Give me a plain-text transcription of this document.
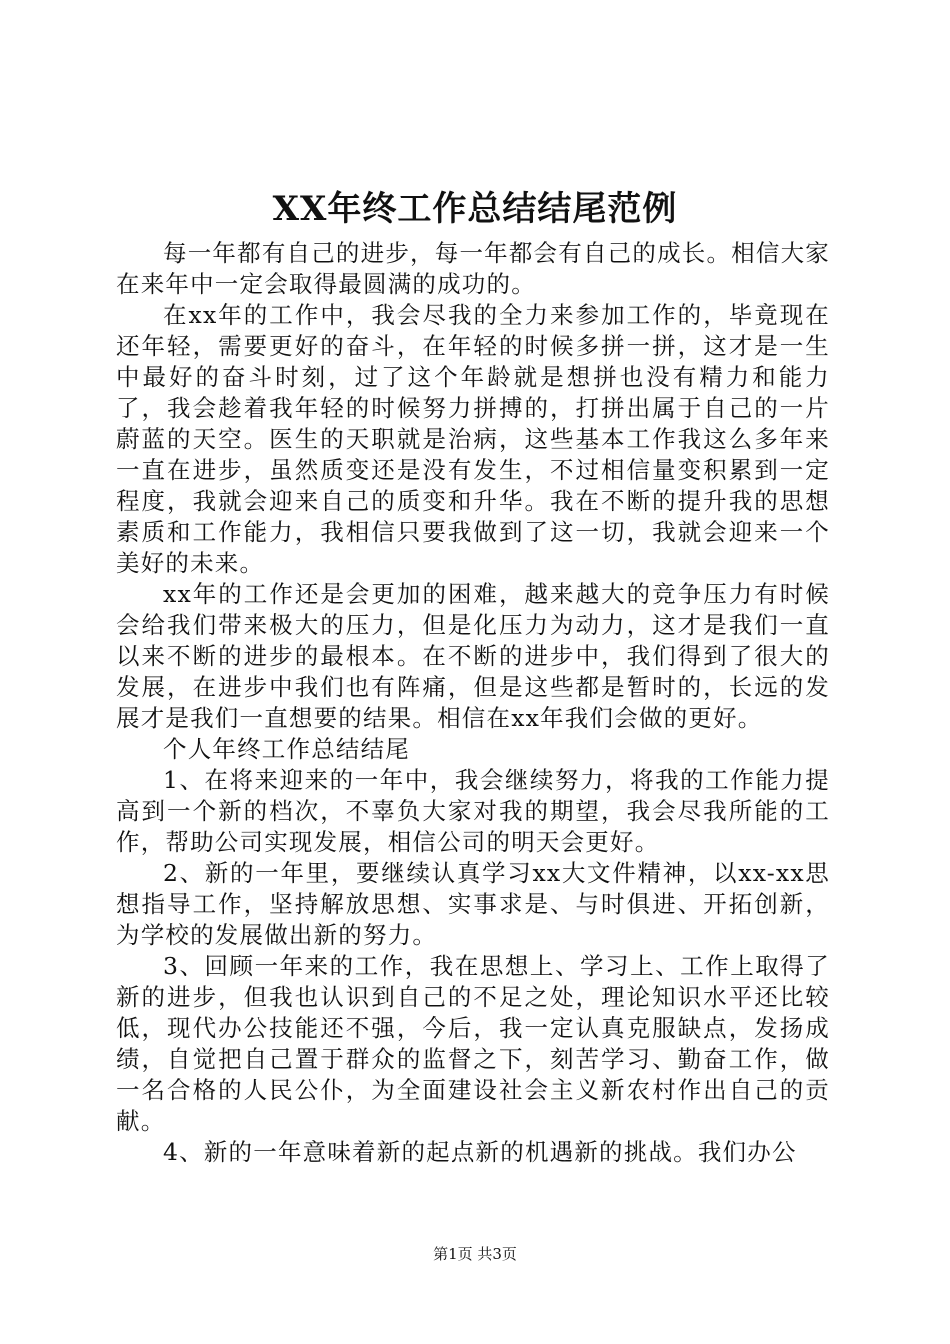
XX年终工作总结结尾范例

每一年都有自己的进步，每一年都会有自己的成长。相信大家在来年中一定会取得最圆满的成功的。

在xx年的工作中，我会尽我的全力来参加工作的，毕竟现在还年轻，需要更好的奋斗，在年轻的时候多拼一拼，这才是一生中最好的奋斗时刻，过了这个年龄就是想拼也没有精力和能力了，我会趁着我年轻的时候努力拼搏的，打拼出属于自己的一片蔚蓝的天空。医生的天职就是治病，这些基本工作我这么多年来一直在进步，虽然质变还是没有发生，不过相信量变积累到一定程度，我就会迎来自己的质变和升华。我在不断的提升我的思想素质和工作能力，我相信只要我做到了这一切，我就会迎来一个美好的未来。

xx年的工作还是会更加的困难，越来越大的竞争压力有时候会给我们带来极大的压力，但是化压力为动力，这才是我们一直以来不断的进步的最根本。在不断的进步中，我们得到了很大的发展，在进步中我们也有阵痛，但是这些都是暂时的，长远的发展才是我们一直想要的结果。相信在xx年我们会做的更好。

个人年终工作总结结尾

1、在将来迎来的一年中，我会继续努力，将我的工作能力提高到一个新的档次，不辜负大家对我的期望，我会尽我所能的工作，帮助公司实现发展，相信公司的明天会更好。

2、新的一年里，要继续认真学习xx大文件精神，以xx-xx思想指导工作，坚持解放思想、实事求是、与时俱进、开拓创新，为学校的发展做出新的努力。

3、回顾一年来的工作，我在思想上、学习上、工作上取得了新的进步，但我也认识到自己的不足之处，理论知识水平还比较低，现代办公技能还不强，今后，我一定认真克服缺点，发扬成绩，自觉把自己置于群众的监督之下，刻苦学习、勤奋工作，做一名合格的人民公仆，为全面建设社会主义新农村作出自己的贡献。

4、新的一年意味着新的起点新的机遇新的挑战。我们办公

第1页 共3页
